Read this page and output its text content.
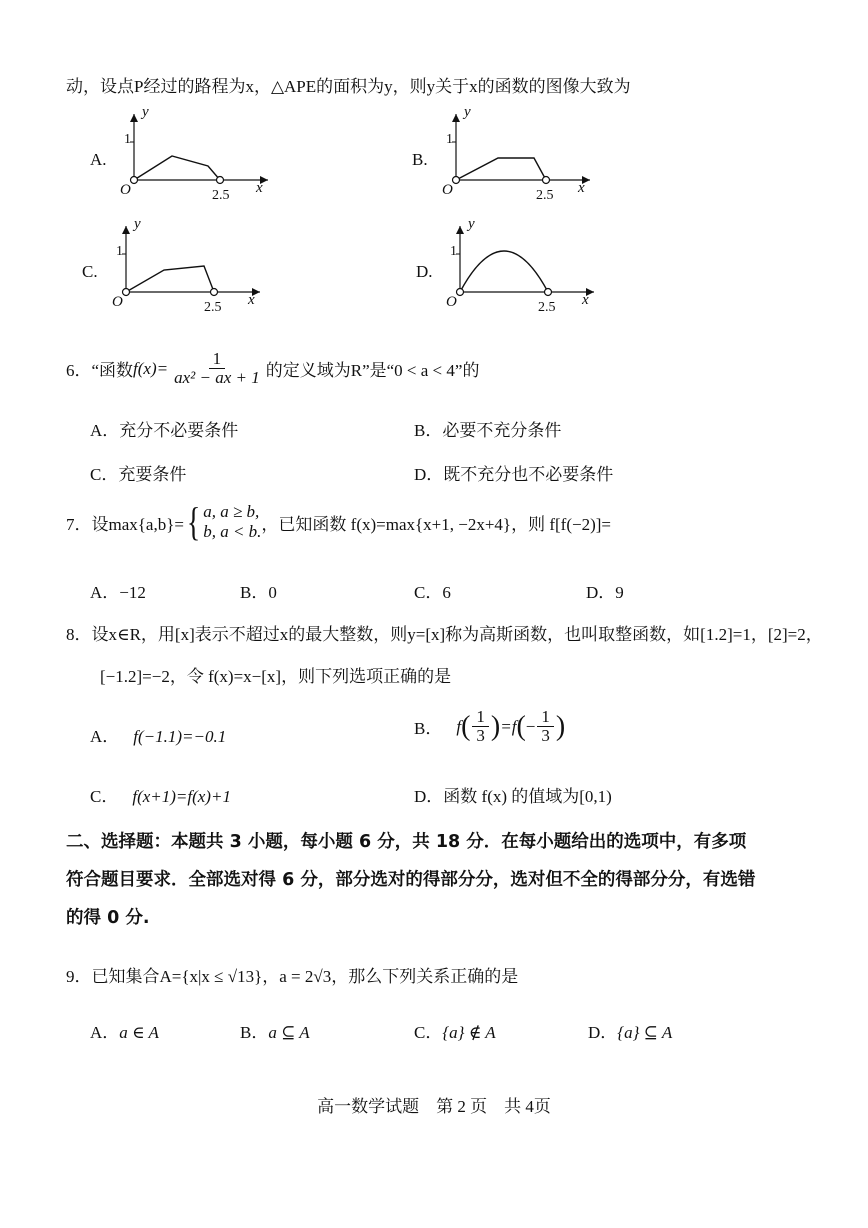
动，设点P经过的路程为x，△APE的面积为y，则y关于x的函数的图像大致为
A.
1
y
O	2.5 x
B.
1
y
O	2.5 x
C.
1
y
O	2.5 x
D.
1
y
O	2.5 x
6．“函数 $f(x)= \frac{1}{\text{ax² − ax + 1}}$ 的定义域为R”是“0 < a < 4”的
A．充分不必要条件	B．必要不充分条件
C．充要条件	D．既不充分也不必要条件
7．设max{a,b}= { a, a ≥ b,
b, a < b. ，已知函数 f(x)=max{x+1, −2x+4}，则 f[f(−2)]=
A．−12	B．0	C．6	D．9
8．设x∈R，用[x]表示不超过x的最大整数，则y=[x]称为高斯函数，也叫取整函数，如[1.2]=1，[2]=2，
[−1.2]=−2，令 f(x)=x−[x]，则下列选项正确的是
A． f(−1.1)=−0.1	B． f ( $\frac{1}{3}$ ) =f ( − $\frac{1}{3}$ )
C． f(x+1)=f(x)+1	D．函数 f(x) 的值域为[0,1)
二、选择题：本题共 3 小题，每小题 6 分，共 18 分．在每小题给出的选项中，有多项
符合题目要求．全部选对得 6 分，部分选对的得部分分，选对但不全的得部分分，有选错
的得 0 分.
9．已知集合A={x|x ≤ √13}，a = 2√3，那么下列关系正确的是
A．a ∈ A	B．a ⊆ A	C．{a} ∉ A	D．{a} ⊆ A
高一数学试题　第 2 页　共 4页
